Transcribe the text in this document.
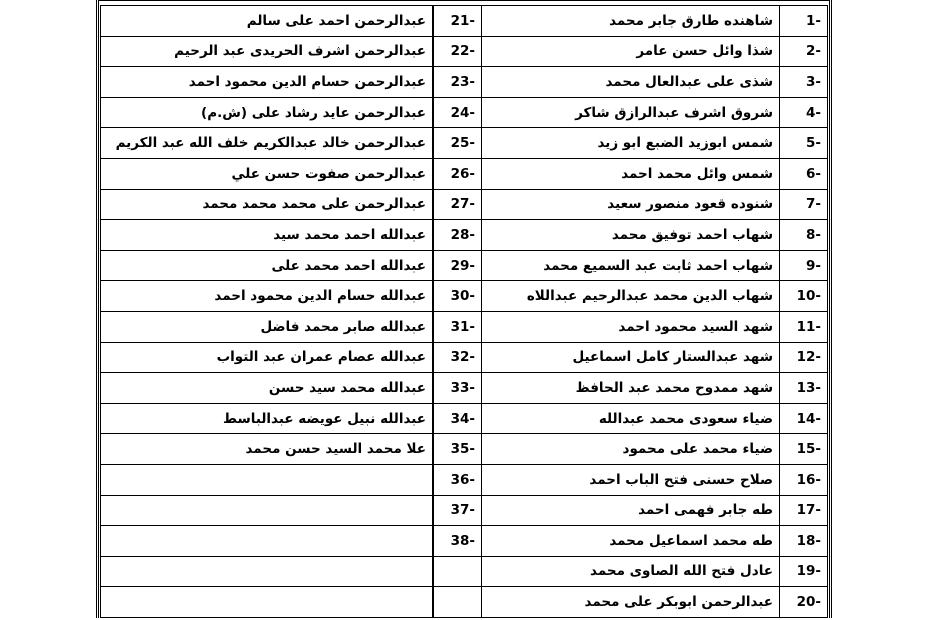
-1	شاهنده طارق جابر محمد	-21	عبدالرحمن احمد على سالم
-2	شذا وائل حسن عامر	-22	عبدالرحمن اشرف الحريدى عبد الرحيم
-3	شذى على عبدالعال محمد	-23	عبدالرحمن حسام الدين محمود احمد
-4	شروق اشرف عبدالرازق شاكر	-24	عبدالرحمن عايد رشاد على (ش.م)
-5	شمس ابوزيد الضبع ابو زيد	-25	عبدالرحمن خالد عبدالكريم خلف الله عبد الكريم
-6	شمس وائل محمد احمد	-26	عبدالرحمن صفوت حسن علي
-7	شنوده قعود منصور سعيد	-27	عبدالرحمن على محمد محمد محمد
-8	شهاب احمد توفيق محمد	-28	عبدالله احمد محمد سيد
-9	شهاب احمد ثابت عبد السميع محمد	-29	عبدالله احمد محمد على
-10	شهاب الدين محمد عبدالرحيم عبداللاه	-30	عبدالله حسام الدين محمود احمد
-11	شهد السيد محمود احمد	-31	عبدالله صابر محمد فاضل
-12	شهد عبدالستار كامل اسماعيل	-32	عبدالله عصام عمران عبد التواب
-13	شهد ممدوح محمد عبد الحافظ	-33	عبدالله محمد سيد حسن
-14	ضياء سعودى محمد عبدالله	-34	عبدالله نبيل عويضه عبدالباسط
-15	ضياء محمد على محمود	-35	علا محمد السيد حسن محمد
-16	صلاح حسنى فتح الباب احمد	-36	
-17	طه جابر فهمى احمد	-37	
-18	طه محمد اسماعيل محمد	-38	
-19	عادل فتح الله الصاوى محمد		
-20	عبدالرحمن ابوبكر على محمد		
